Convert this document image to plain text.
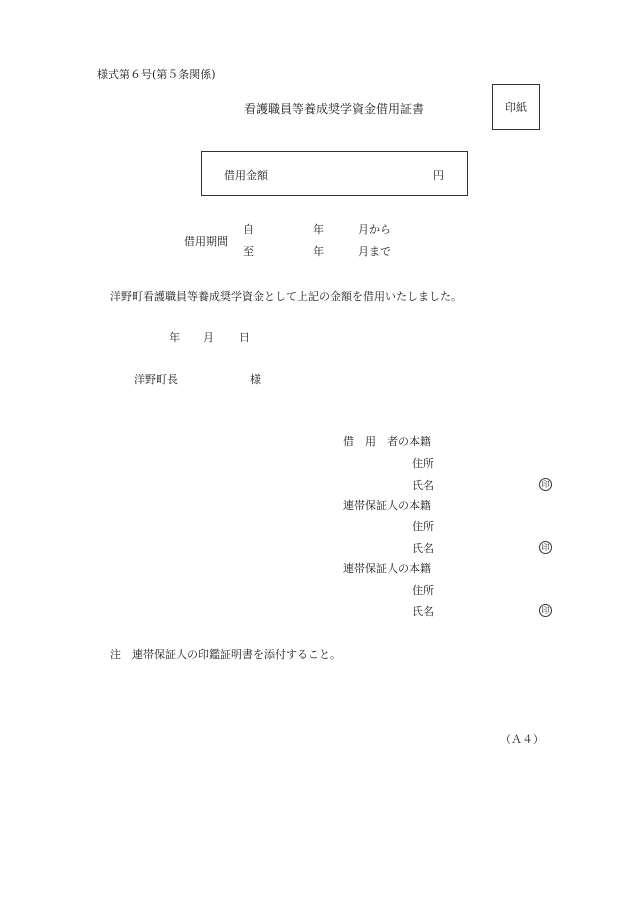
様式第６号(第５条関係)
看護職員等養成奨学資金借用証書	印紙
借用金額	円
借用期間
自	年	月から
至	年	月まで
洋野町看護職員等養成奨学資金として上記の金額を借用いたしました。
年 月 日
洋野町長	様
借　用　者の本籍
住所
氏名	印
連帯保証人の本籍
住所
氏名	印
連帯保証人の本籍
住所
氏名	印
注　連帯保証人の印鑑証明書を添付すること。
（Ａ４）
